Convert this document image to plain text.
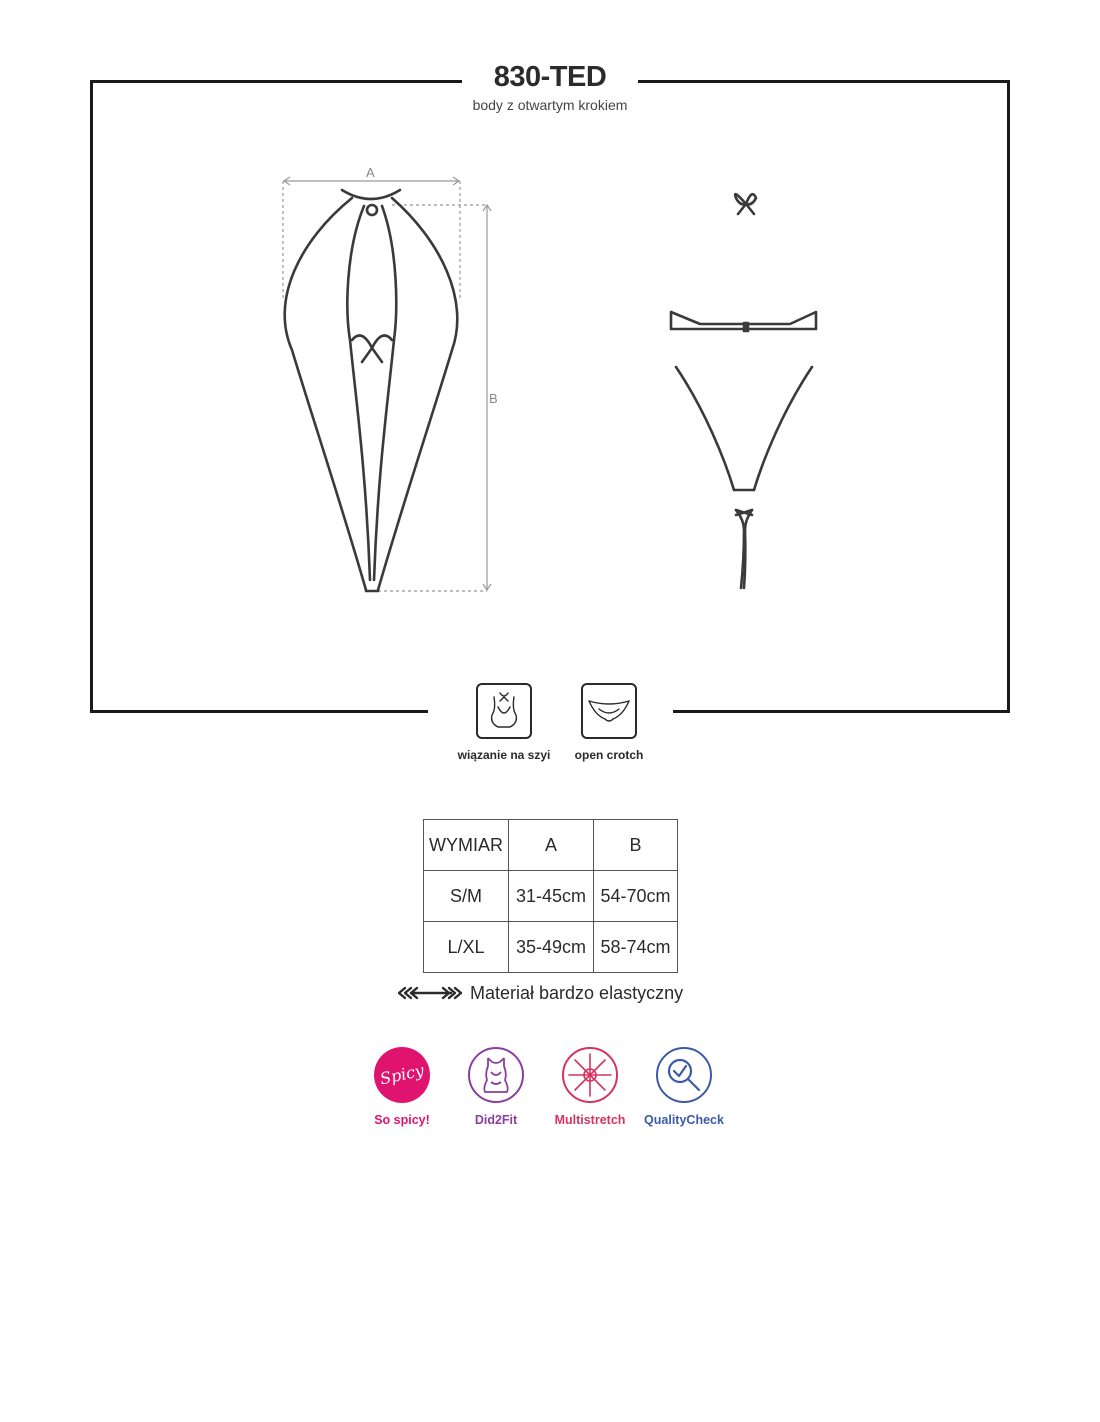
830-TED
body z otwartym krokiem
A
B
wiązanie na szyi	open crotch
WYMIAR	A	B
S/M	31-45cm	54-70cm
L/XL	35-49cm	58-74cm
Materiał bardzo elastyczny
Spicy
So spicy!	Did2Fit	Multistretch	QualityCheck
